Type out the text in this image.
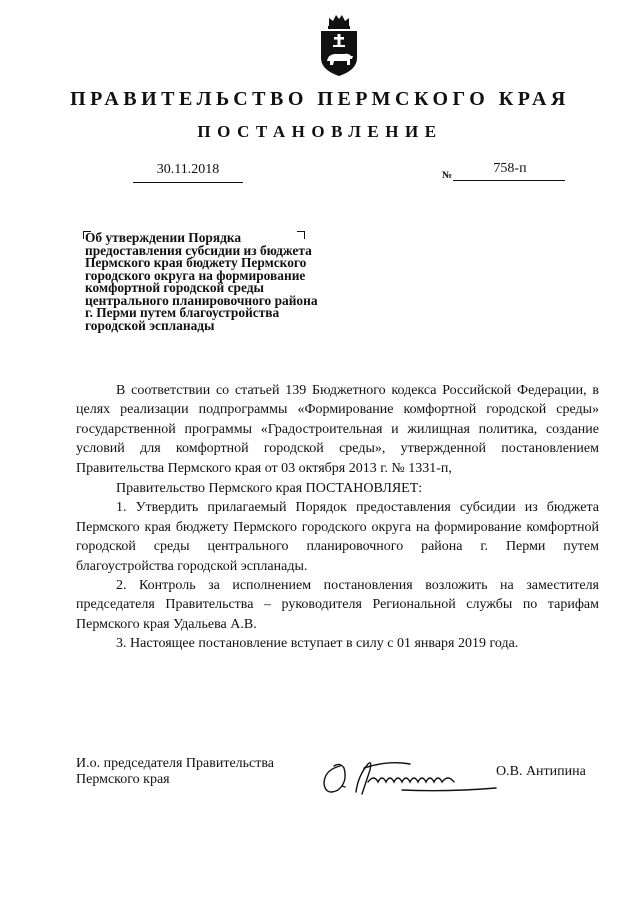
ПРАВИТЕЛЬСТВО ПЕРМСКОГО КРАЯ
ПОСТАНОВЛЕНИЕ
30.11.2018	№	758-п
Об утверждении Порядка
предоставления субсидии из бюджета
Пермского края бюджету Пермского
городского округа на формирование
комфортной городской среды
центрального планировочного района
г. Перми путем благоустройства
городской эспланады

В соответствии со статьей 139 Бюджетного кодекса Российской Федерации, в целях реализации подпрограммы «Формирование комфортной городской среды» государственной программы «Градостроительная и жилищная политика, создание условий для комфортной городской среды», утвержденной постановлением Правительства Пермского края от 03 октября 2013 г. № 1331-п,

Правительство Пермского края ПОСТАНОВЛЯЕТ:

1. Утвердить прилагаемый Порядок предоставления субсидии из бюджета Пермского края бюджету Пермского городского округа на формирование комфортной городской среды центрального планировочного района г. Перми путем благоустройства городской эспланады.

2. Контроль за исполнением постановления возложить на заместителя председателя Правительства – руководителя Региональной службы по тарифам Пермского края Удальева А.В.

3. Настоящее постановление вступает в силу с 01 января 2019 года.

И.о. председателя Правительства
Пермского края	О.В. Антипина
